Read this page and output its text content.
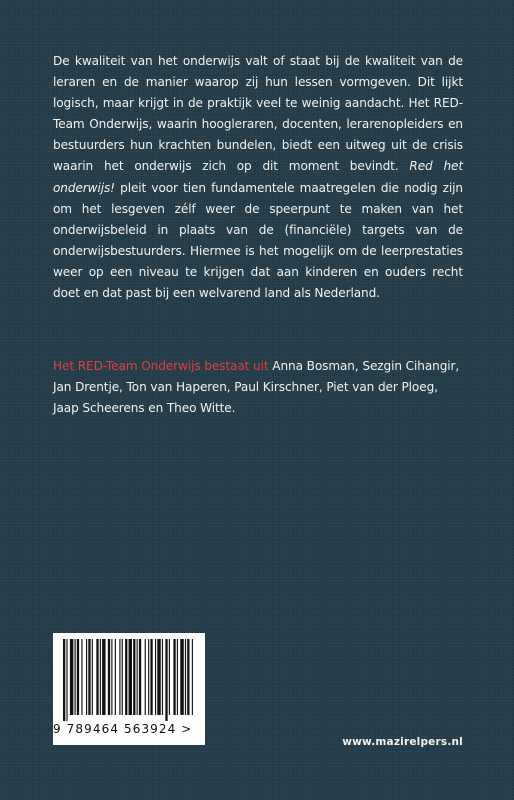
De kwaliteit van het onderwijs valt of staat bij de kwaliteit van de leraren en de manier waarop zij hun lessen vormgeven. Dit lijkt logisch, maar krijgt in de praktijk veel te weinig aandacht. Het RED-Team Onderwijs, waarin hoogleraren, docenten, lerarenopleiders en bestuurders hun krachten bundelen, biedt een uitweg uit de crisis waarin het onderwijs zich op dit moment bevindt. Red het onderwijs! pleit voor tien fundamentele maatregelen die nodig zijn om het lesgeven zélf weer de speerpunt te maken van het onderwijsbeleid in plaats van de (financiële) targets van de onderwijsbestuurders. Hiermee is het mogelijk om de leerprestaties weer op een niveau te krijgen dat aan kinderen en ouders recht doet en dat past bij een welvarend land als Nederland.

Het RED-Team Onderwijs bestaat uit Anna Bosman, Sezgin Cihangir, Jan Drentje, Ton van Haperen, Paul Kirschner, Piet van der Ploeg, Jaap Scheerens en Theo Witte.

9 789464 563924 >
www.mazirelpers.nl
